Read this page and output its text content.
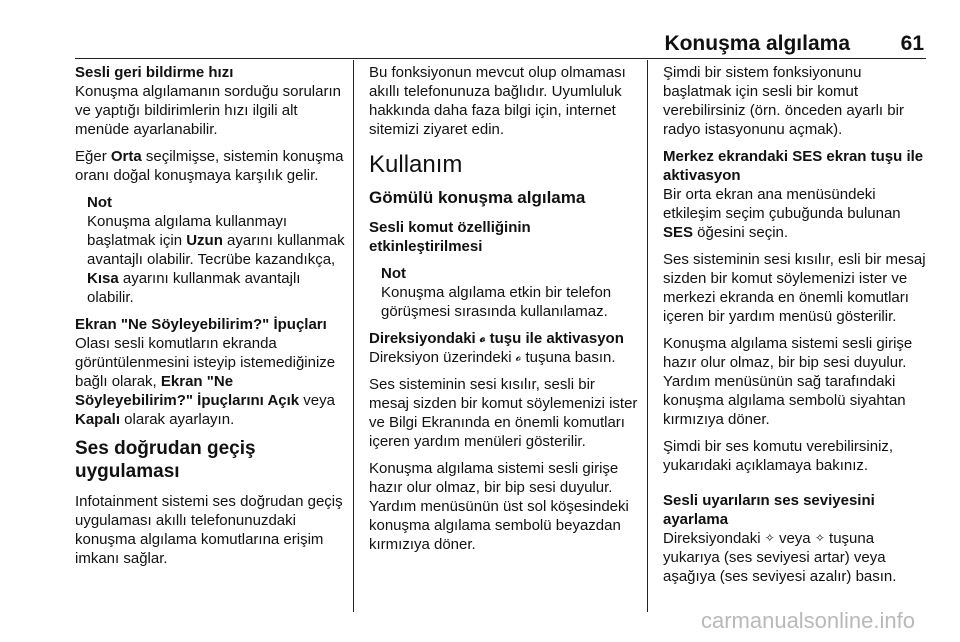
Konuşma algılama 61
Sesli geri bildirme hızı
Konuşma algılamanın sorduğu soruların ve yaptığı bildirimlerin hızı ilgili alt menüde ayarlanabilir.
Eğer Orta seçilmişse, sistemin konuşma oranı doğal konuşmaya karşılık gelir.
Not
Konuşma algılama kullanmayı başlatmak için Uzun ayarını kullanmak avantajlı olabilir. Tecrübe kazandıkça, Kısa ayarını kullanmak avantajlı olabilir.
Ekran "Ne Söyleyebilirim?" İpuçları
Olası sesli komutların ekranda görüntülenmesini isteyip istemediğinize bağlı olarak, Ekran "Ne Söyleyebilirim?" İpuçlarını Açık veya Kapalı olarak ayarlayın.
Ses doğrudan geçiş uygulaması
Infotainment sistemi ses doğrudan geçiş uygulaması akıllı telefonunuzdaki konuşma algılama komutlarına erişim imkanı sağlar.
Bu fonksiyonun mevcut olup olmaması akıllı telefonunuza bağlıdır. Uyumluluk hakkında daha faza bilgi için, internet sitemizi ziyaret edin.
Kullanım
Gömülü konuşma algılama
Sesli komut özelliğinin etkinleştirilmesi
Not
Konuşma algılama etkin bir telefon görüşmesi sırasında kullanılamaz.
Direksiyondaki 𝓸 tuşu ile aktivasyon
Direksiyon üzerindeki 𝓸 tuşuna basın.
Ses sisteminin sesi kısılır, sesli bir mesaj sizden bir komut söylemenizi ister ve Bilgi Ekranında en önemli komutları içeren yardım menüleri gösterilir.
Konuşma algılama sistemi sesli girişe hazır olur olmaz, bir bip sesi duyulur. Yardım menüsünün üst sol köşesindeki konuşma algılama sembolü beyazdan kırmızıya döner.
Şimdi bir sistem fonksiyonunu başlatmak için sesli bir komut verebilirsiniz (örn. önceden ayarlı bir radyo istasyonunu açmak).
Merkez ekrandaki SES ekran tuşu ile aktivasyon
Bir orta ekran ana menüsündeki etkileşim seçim çubuğunda bulunan SES öğesini seçin.
Ses sisteminin sesi kısılır, esli bir mesaj sizden bir komut söylemenizi ister ve merkezi ekranda en önemli komutları içeren bir yardım menüsü gösterilir.
Konuşma algılama sistemi sesli girişe hazır olur olmaz, bir bip sesi duyulur. Yardım menüsünün sağ tarafındaki konuşma algılama sembolü siyahtan kırmızıya döner.
Şimdi bir ses komutu verebilirsiniz, yukarıdaki açıklamaya bakınız.
Sesli uyarıların ses seviyesini ayarlama
Direksiyondaki ✧ veya ✧ tuşuna yukarıya (ses seviyesi artar) veya aşağıya (ses seviyesi azalır) basın.
carmanualsonline.info
